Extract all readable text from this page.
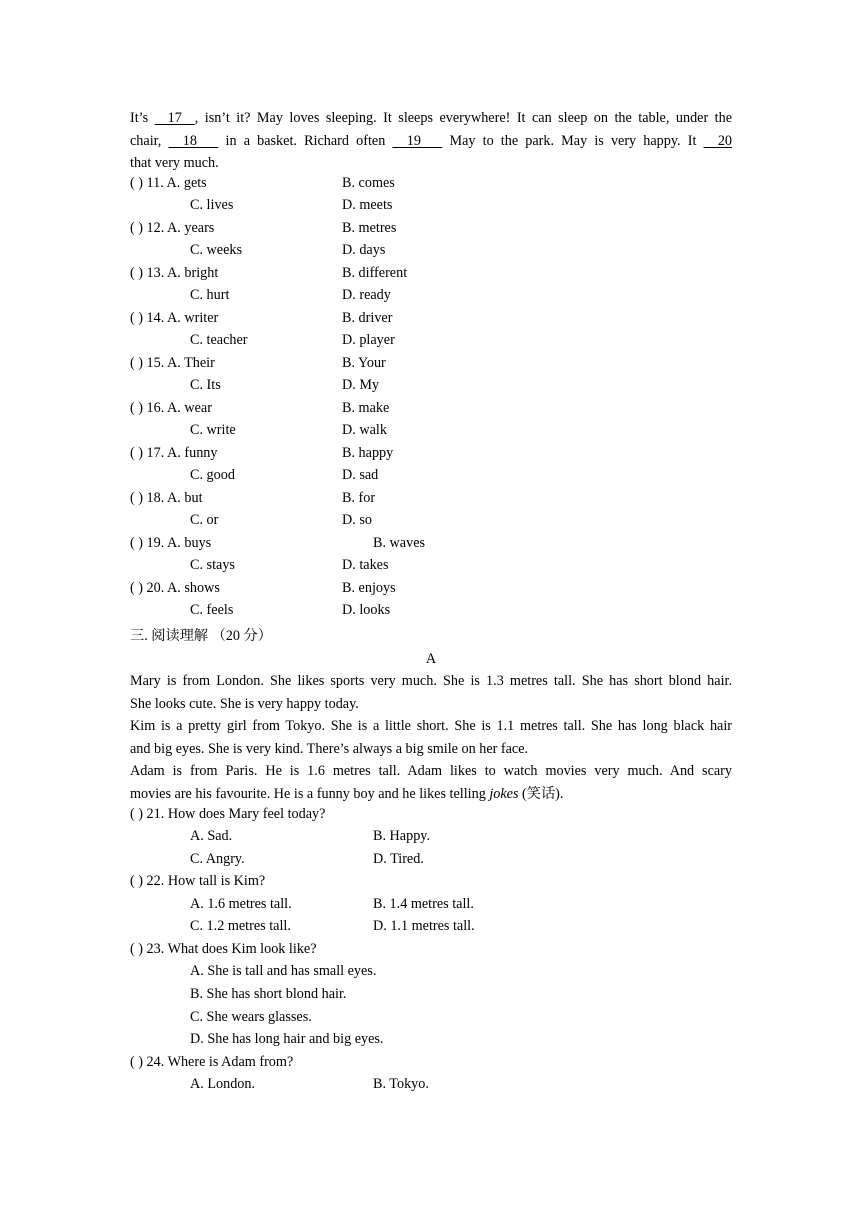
It’s   17  , isn’t it? May loves sleeping. It sleeps everywhere! It can sleep on the table, under the
chair,   18    in a basket. Richard often   19    May to the park. May is very happy. It   20
that very much.
( ) 11. A. gets	B. comes
C. lives	D. meets
( ) 12. A. years	B. metres
C. weeks	D. days
( ) 13. A. bright	B. different
C. hurt	D. ready
( ) 14. A. writer	B. driver
C. teacher	D. player
( ) 15. A. Their	B. Your
C. Its	D. My
( ) 16. A. wear	B. make
C. write	D. walk
( ) 17. A. funny	B. happy
C. good	D. sad
( ) 18. A. but	B. for
C. or	D. so
( ) 19. A. buys	B. waves
C. stays	D. takes
( ) 20. A. shows	B. enjoys
C. feels	D. looks
三. 阅读理解 （20 分）
A
Mary is from London. She likes sports very much. She is 1.3 metres tall. She has short blond hair.
She looks cute. She is very happy today.
Kim is a pretty girl from Tokyo. She is a little short. She is 1.1 metres tall. She has long black hair
and big eyes. She is very kind. There’s always a big smile on her face.
Adam is from Paris. He is 1.6 metres tall. Adam likes to watch movies very much. And scary
movies are his favourite. He is a funny boy and he likes telling jokes (笑话).
( ) 21. How does Mary feel today?
A. Sad.	B. Happy.
C. Angry.	D. Tired.
( ) 22. How tall is Kim?
A. 1.6 metres tall.	B. 1.4 metres tall.
C. 1.2 metres tall.	D. 1.1 metres tall.
( ) 23. What does Kim look like?
A. She is tall and has small eyes.
B. She has short blond hair.
C. She wears glasses.
D. She has long hair and big eyes.
( ) 24. Where is Adam from?
A. London.	B. Tokyo.
